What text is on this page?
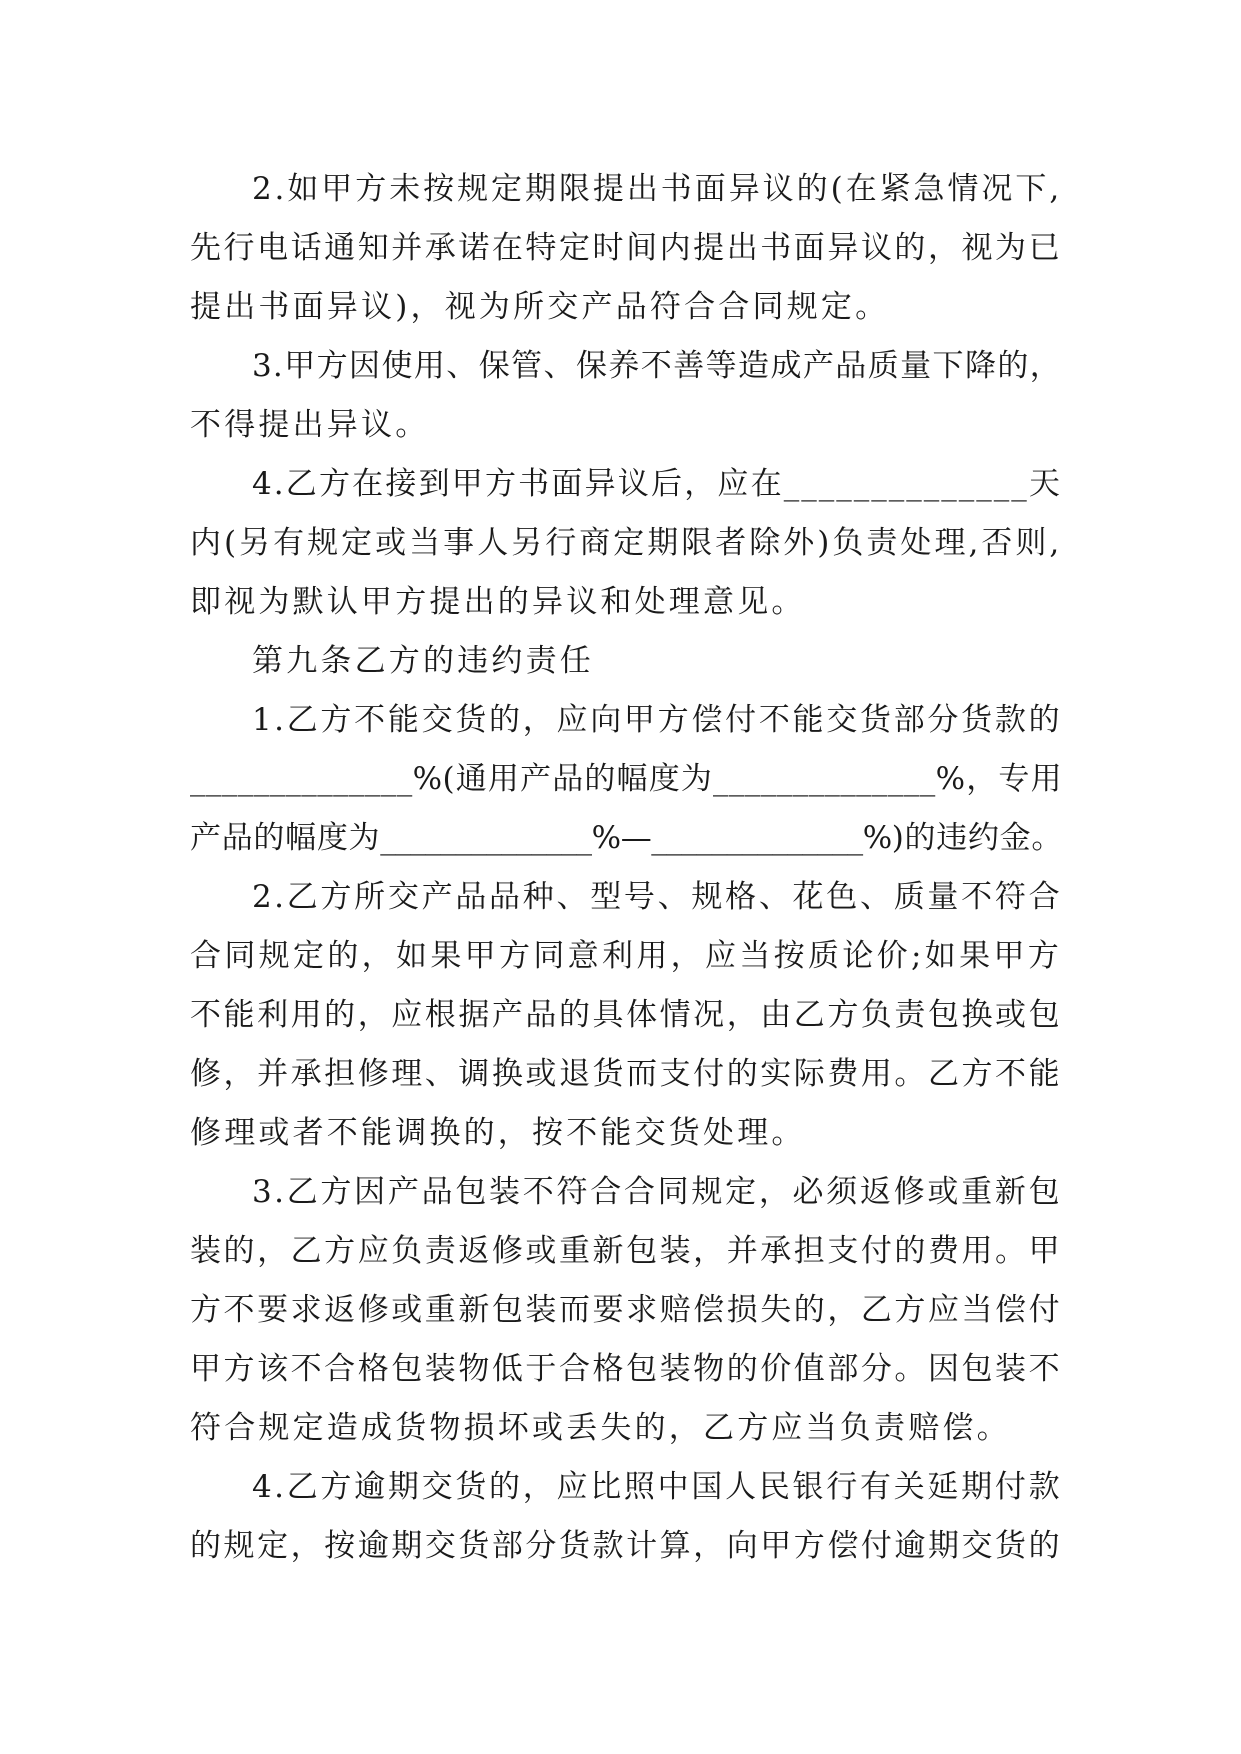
2.如甲方未按规定期限提出书面异议的(在紧急情况下,
先行电话通知并承诺在特定时间内提出书面异议的，视为已
提出书面异议)，视为所交产品符合合同规定。
3.甲方因使用、保管、保养不善等造成产品质量下降的，
不得提出异议。
4.乙方在接到甲方书面异议后，应在______________天
内(另有规定或当事人另行商定期限者除外)负责处理,否则,
即视为默认甲方提出的异议和处理意见。
第九条乙方的违约责任
1.乙方不能交货的，应向甲方偿付不能交货部分货款的
______________%(通用产品的幅度为______________%，专用
产品的幅度为______________%—______________%)的违约金。
2.乙方所交产品品种、型号、规格、花色、质量不符合
合同规定的，如果甲方同意利用，应当按质论价;如果甲方
不能利用的，应根据产品的具体情况，由乙方负责包换或包
修，并承担修理、调换或退货而支付的实际费用。乙方不能
修理或者不能调换的，按不能交货处理。
3.乙方因产品包装不符合合同规定，必须返修或重新包
装的，乙方应负责返修或重新包装，并承担支付的费用。甲
方不要求返修或重新包装而要求赔偿损失的，乙方应当偿付
甲方该不合格包装物低于合格包装物的价值部分。因包装不
符合规定造成货物损坏或丢失的，乙方应当负责赔偿。
4.乙方逾期交货的，应比照中国人民银行有关延期付款
的规定，按逾期交货部分货款计算，向甲方偿付逾期交货的
